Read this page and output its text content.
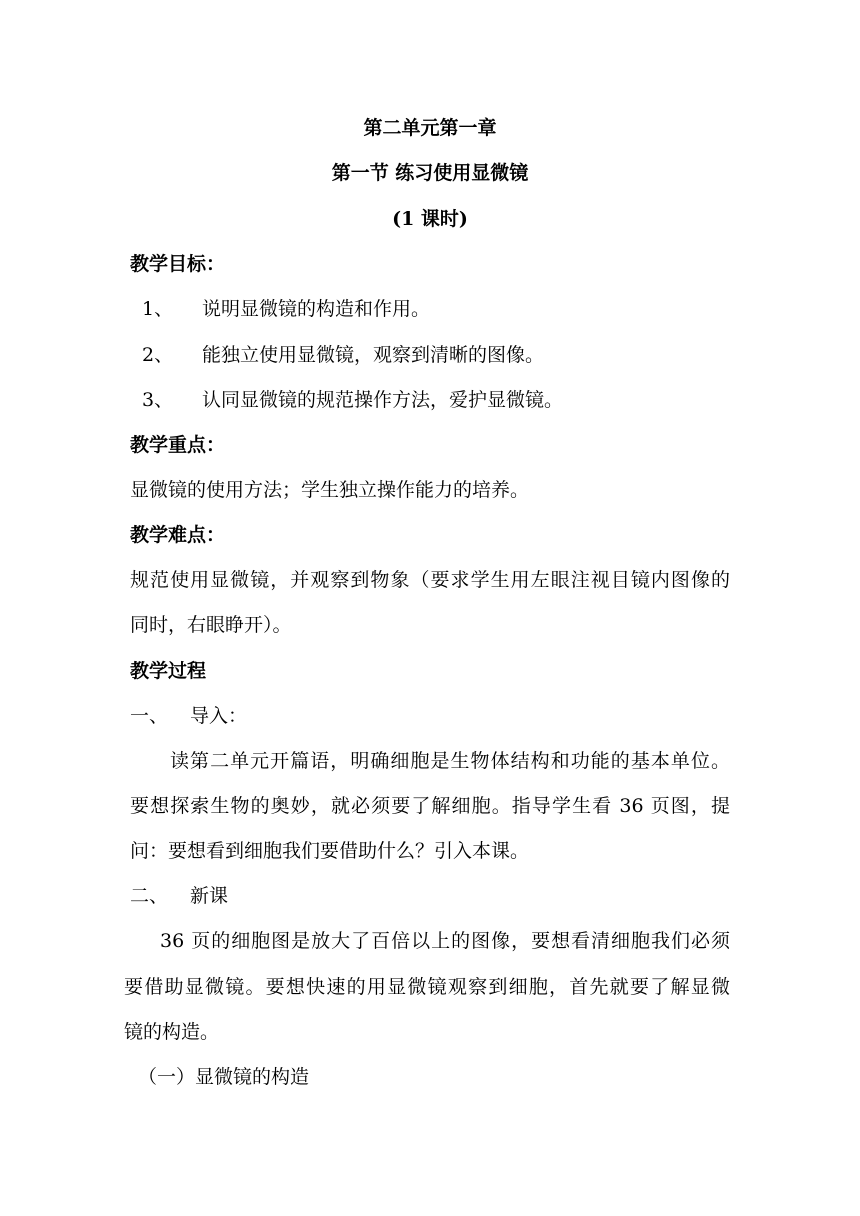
第二单元第一章
第一节 练习使用显微镜
(1 课时)
教学目标：
1、 说明显微镜的构造和作用。
2、 能独立使用显微镜，观察到清晰的图像。
3、 认同显微镜的规范操作方法，爱护显微镜。
教学重点：
显微镜的使用方法；学生独立操作能力的培养。
教学难点：
规范使用显微镜，并观察到物象（要求学生用左眼注视目镜内图像的
同时，右眼睁开）。
教学过程
一、 导入：
读第二单元开篇语，明确细胞是生物体结构和功能的基本单位。
要想探索生物的奥妙，就必须要了解细胞。指导学生看 36 页图，提
问：要想看到细胞我们要借助什么？引入本课。
二、 新课
36 页的细胞图是放大了百倍以上的图像，要想看清细胞我们必须
要借助显微镜。要想快速的用显微镜观察到细胞，首先就要了解显微
镜的构造。
（一）显微镜的构造
